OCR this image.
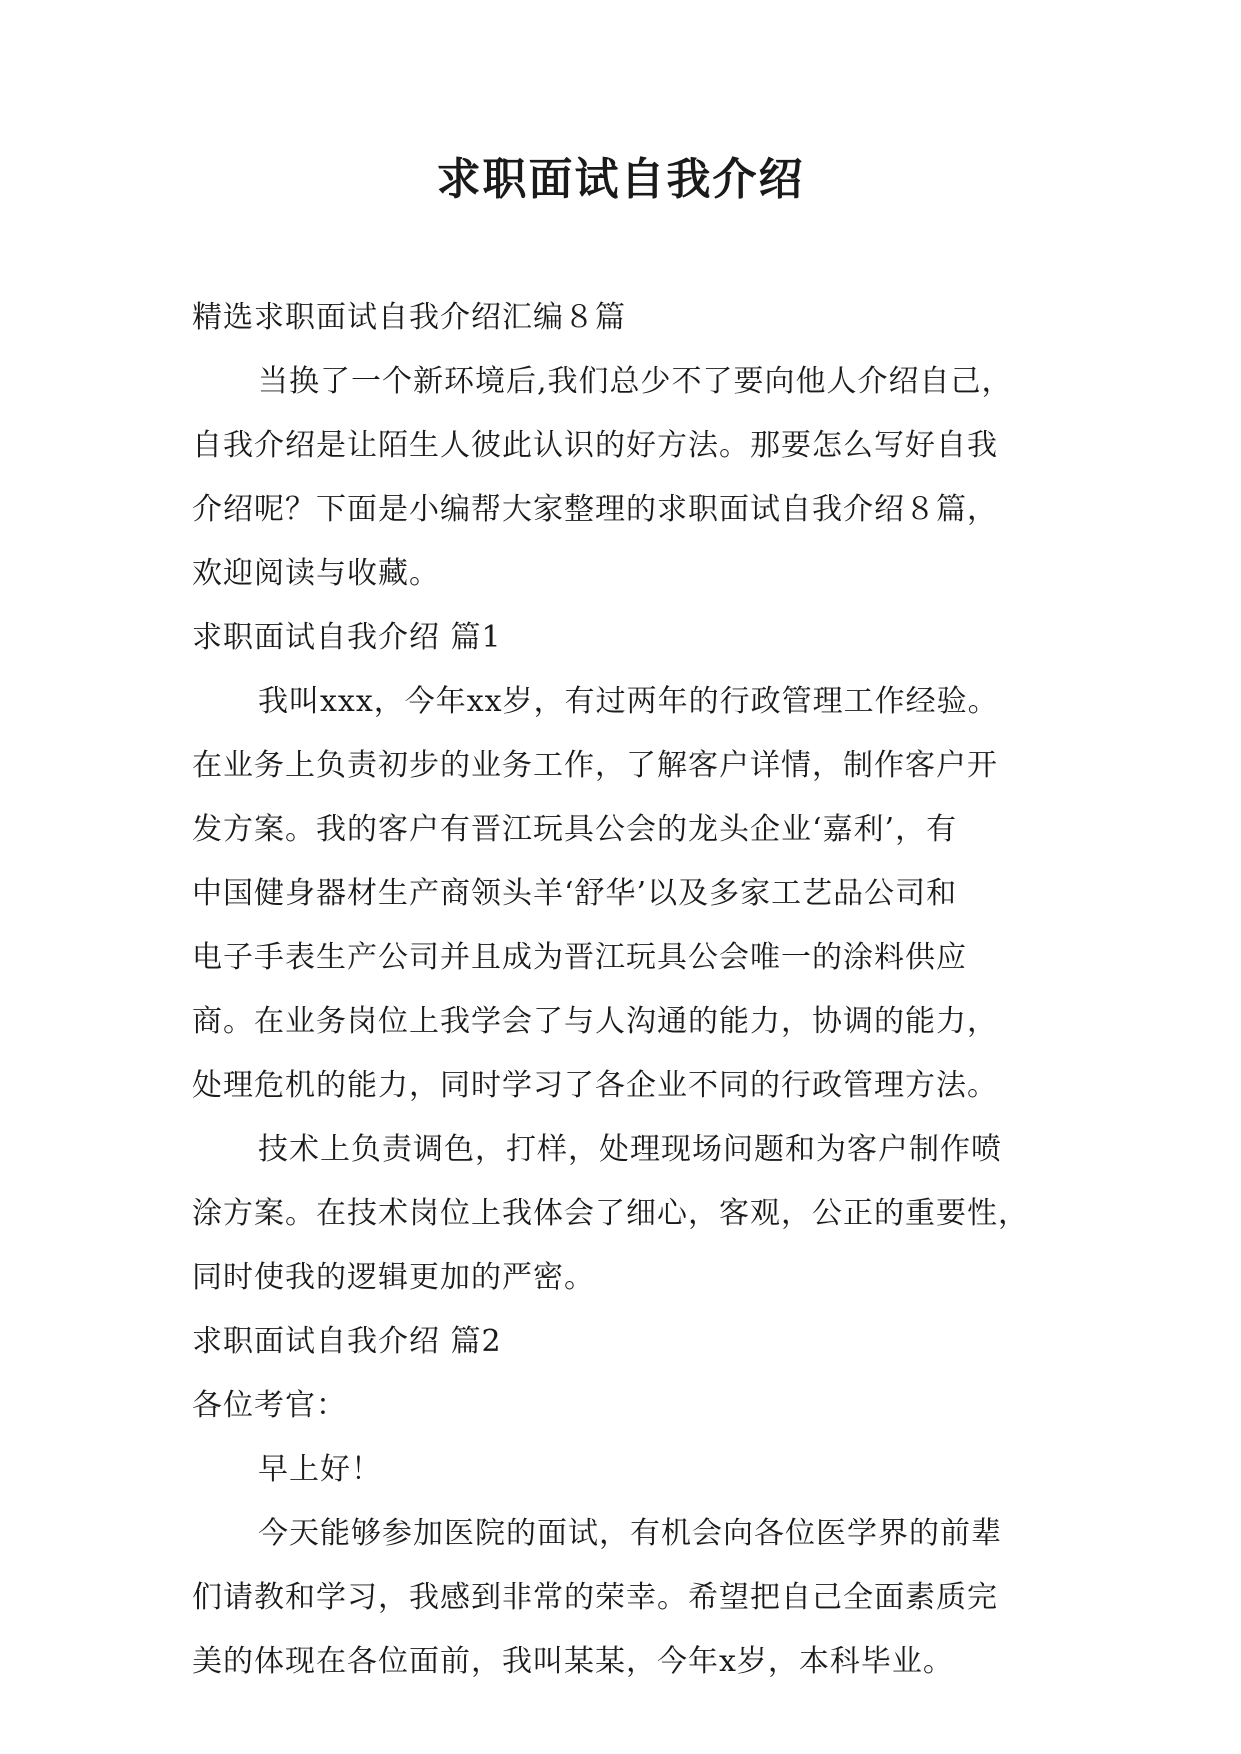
求职面试自我介绍
精选求职面试自我介绍汇编８篇
当换了一个新环境后,我们总少不了要向他人介绍自己，
自我介绍是让陌生人彼此认识的好方法。那要怎么写好自我
介绍呢？下面是小编帮大家整理的求职面试自我介绍８篇，
欢迎阅读与收藏。
求职面试自我介绍 篇1
我叫xxx，今年xx岁，有过两年的行政管理工作经验。
在业务上负责初步的业务工作，了解客户详情，制作客户开
发方案。我的客户有晋江玩具公会的龙头企业‘嘉利’，有
中国健身器材生产商领头羊‘舒华’以及多家工艺品公司和
电子手表生产公司并且成为晋江玩具公会唯一的涂料供应
商。在业务岗位上我学会了与人沟通的能力，协调的能力，
处理危机的能力，同时学习了各企业不同的行政管理方法。
技术上负责调色，打样，处理现场问题和为客户制作喷
涂方案。在技术岗位上我体会了细心，客观，公正的重要性，
同时使我的逻辑更加的严密。
求职面试自我介绍 篇2
各位考官：
早上好！
今天能够参加医院的面试，有机会向各位医学界的前辈
们请教和学习，我感到非常的荣幸。希望把自己全面素质完
美的体现在各位面前，我叫某某，今年x岁，本科毕业。
